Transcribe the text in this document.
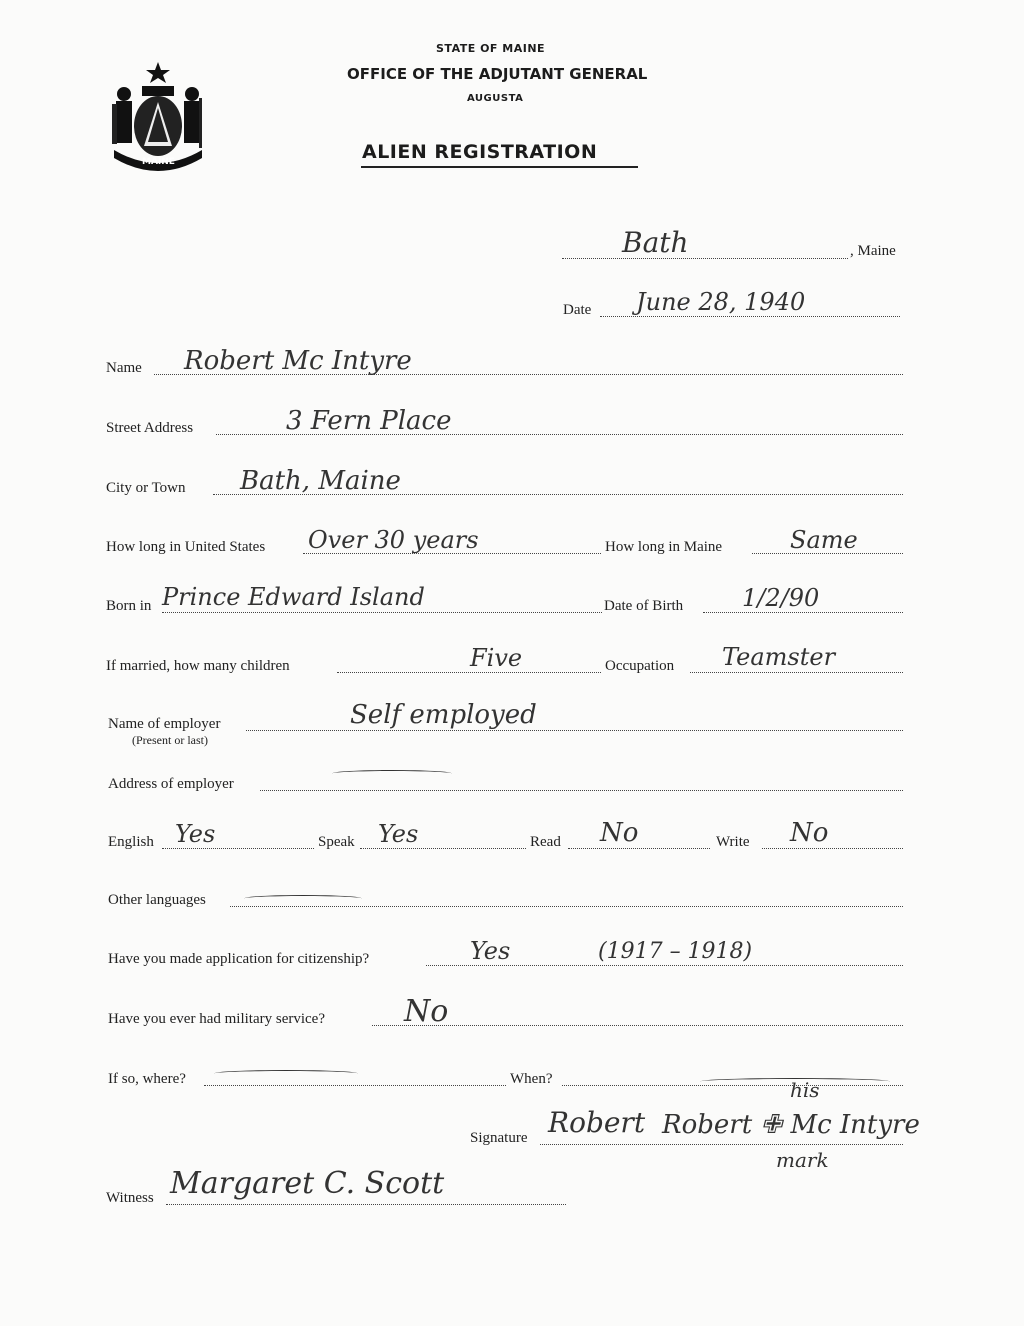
MAINE
STATE OF MAINE
OFFICE OF THE ADJUTANT GENERAL
AUGUSTA
ALIEN REGISTRATION
Bath	, Maine
Date June 28, 1940
Name Robert Mc Intyre
Street Address	3 Fern Place
City or Town Bath, Maine
How long in United States Over 30 years	How long in Maine	Same
Born in Prince Edward Island	Date of Birth 1/2/90
If married, how many children	Five	Occupation Teamster
Name of employer
(Present or last)
Self employed
Address of employer
English Yes	Speak Yes	Read No	Write No
Other languages
Have you made application for citizenship?	Yes	(1917 – 1918)
Have you ever had military service?	No
If so, where?	When?
Signature Robert
his
Robert ✙ Mc Intyre
mark
Witness Margaret C. Scott
